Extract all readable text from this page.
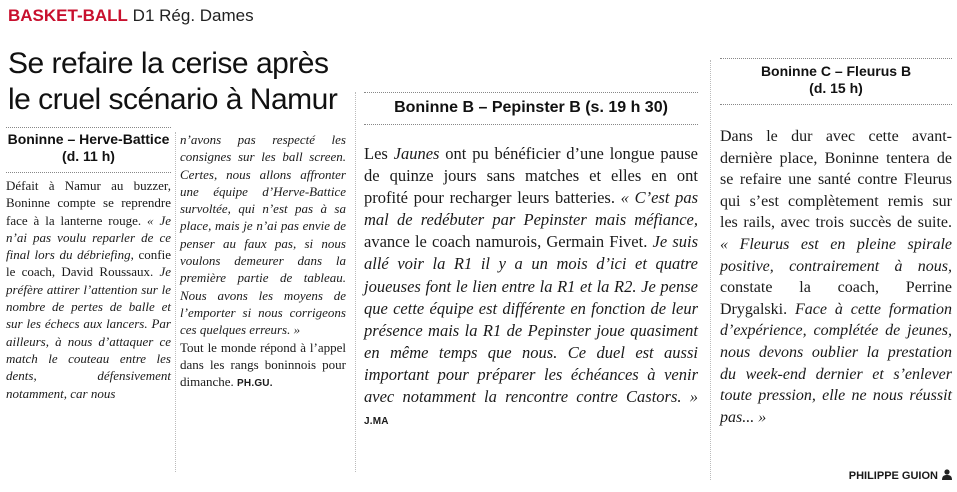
BASKET-BALL D1 Rég. Dames
Se refaire la cerise après le cruel scénario à Namur
Boninne – Herve-Battice
(d. 11 h)

Défait à Namur au buzzer, Boninne compte se reprendre face à la lanterne rouge. « Je n’ai pas voulu reparler de ce final lors du débriefing, confie le coach, David Roussaux. Je préfère attirer l’attention sur le nombre de pertes de balle et sur les échecs aux lancers. Par ailleurs, à nous d’attaquer ce match le couteau entre les dents, défensivement notamment, car nous

n’avons pas respecté les consignes sur les ball screen. Certes, nous allons affronter une équipe d’Herve-Battice survoltée, qui n’est pas à sa place, mais je n’ai pas envie de penser au faux pas, si nous voulons demeurer dans la première partie de tableau. Nous avons les moyens de l’emporter si nous corrigeons ces quelques erreurs. »

Tout le monde répond à l’appel dans les rangs boninnois pour dimanche. PH.GU.

Boninne B – Pepinster B (s. 19 h 30)

Les Jaunes ont pu bénéficier d’une longue pause de quinze jours sans matches et elles en ont profité pour recharger leurs batteries. « C’est pas mal de redébuter par Pepinster mais méfiance, avance le coach namurois, Germain Fivet. Je suis allé voir la R1 il y a un mois d’ici et quatre joueuses font le lien entre la R1 et la R2. Je pense que cette équipe est différente en fonction de leur présence mais la R1 de Pepinster joue quasiment en même temps que nous. Ce duel est aussi important pour préparer les échéances à venir avec notamment la rencontre contre Castors. » J.MA

Boninne C – Fleurus B
(d. 15 h)

Dans le dur avec cette avant-dernière place, Boninne tentera de se refaire une santé contre Fleurus qui s’est complètement remis sur les rails, avec trois succès de suite. « Fleurus est en pleine spirale positive, contrairement à nous, constate la coach, Perrine Drygalski. Face à cette formation d’expérience, complétée de jeunes, nous devons oublier la prestation du week-end dernier et s’enlever toute pression, elle ne nous réussit pas... »

PHILIPPE GUION
